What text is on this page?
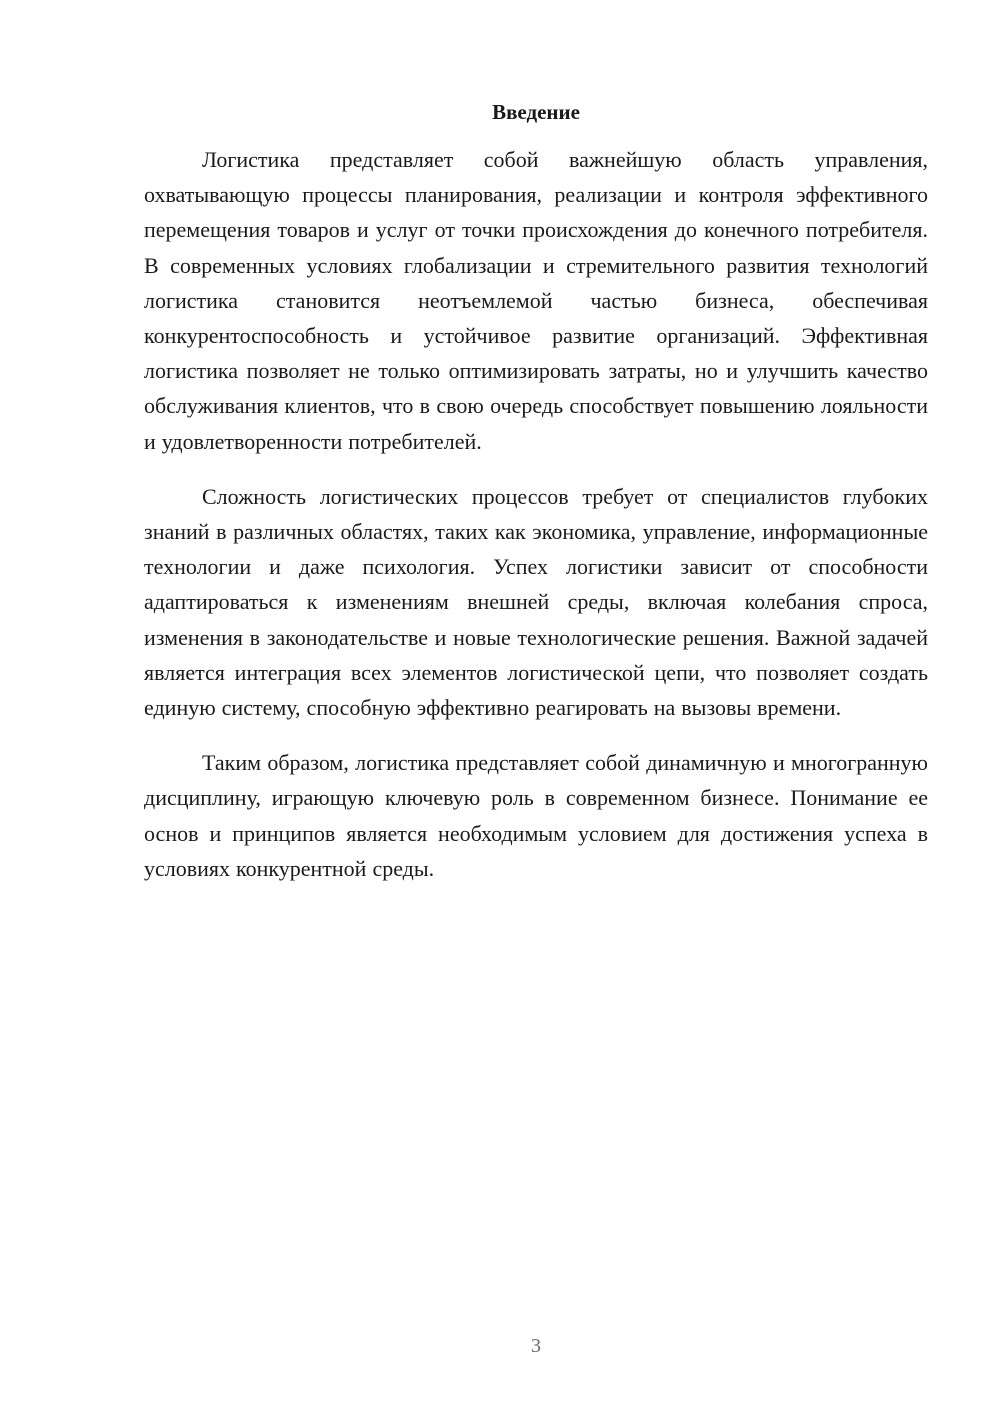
Введение

Логистика представляет собой важнейшую область управления, охватывающую процессы планирования, реализации и контроля эффективного перемещения товаров и услуг от точки происхождения до конечного потребителя. В современных условиях глобализации и стремительного развития технологий логистика становится неотъемлемой частью бизнеса, обеспечивая конкурентоспособность и устойчивое развитие организаций. Эффективная логистика позволяет не только оптимизировать затраты, но и улучшить качество обслуживания клиентов, что в свою очередь способствует повышению лояльности и удовлетворенности потребителей.

Сложность логистических процессов требует от специалистов глубоких знаний в различных областях, таких как экономика, управление, информационные технологии и даже психология. Успех логистики зависит от способности адаптироваться к изменениям внешней среды, включая колебания спроса, изменения в законодательстве и новые технологические решения. Важной задачей является интеграция всех элементов логистической цепи, что позволяет создать единую систему, способную эффективно реагировать на вызовы времени.

Таким образом, логистика представляет собой динамичную и многогранную дисциплину, играющую ключевую роль в современном бизнесе. Понимание ее основ и принципов является необходимым условием для достижения успеха в условиях конкурентной среды.

3
